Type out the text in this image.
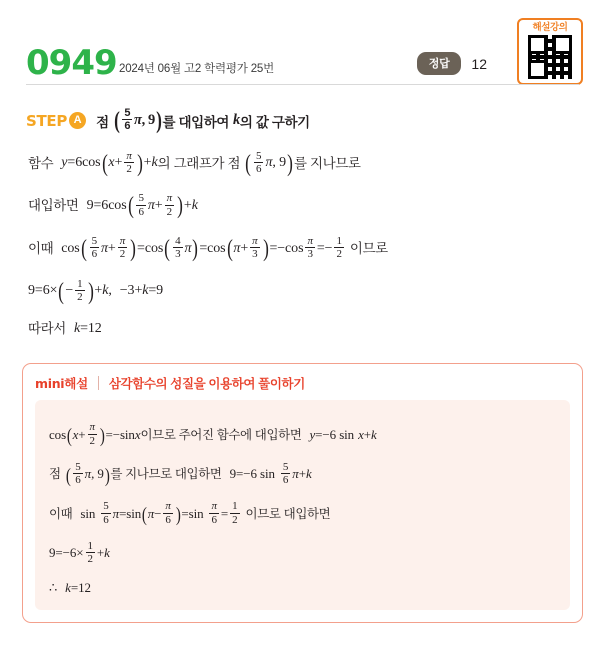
0949 2024년 06월 고2 학력평가 25번	정답	12
해설강의
STEP A	점 ( $\frac{5}{6}$ π , 9 ) 를 대입하여 k 의 값 구하기
함수 y = 6 cos ( $x + \frac{\pi}{2}$ ) + k 의 그래프가 점 ( $\frac{5}{6}$ π , 9 ) 를 지나므로
대입하면 9 = 6 cos ( $\frac{5}{6}$ $\pi + \frac{\pi}{2}$ ) + k
이때 cos ( $\frac{5}{6}$ $\pi + \frac{\pi}{2}$ ) = cos ( $\frac{4}{3}$ π ) = cos ( $\pi + \frac{\pi}{3}$ ) = $-\cos \frac{\pi}{3}$ = − $\frac{1}{2}$ 이므로
9 = 6 × ( − $\frac{1}{2}$ ) + k , −3 + k = 9
따라서 k = 12
mini해설 삼각함수의 성질을 이용하여 풀이하기
cos ( $x + \frac{\pi}{2}$ ) = −sin x 이므로 주어진 함수에 대입하면 y = −6 sin x + k
점 ( $\frac{5}{6}$ π , 9 ) 를 지나므로 대입하면 9 = −6 $\sin \frac{5}{6}$ π + k
이때 $\sin \frac{5}{6}$ π = sin ( $\pi - \frac{\pi}{6}$ ) = $\sin \frac{\pi}{6} = \frac{1}{2}$ 이므로 대입하면
$9 = -6 \times \frac{1}{2} + k$
∴ k = 12
